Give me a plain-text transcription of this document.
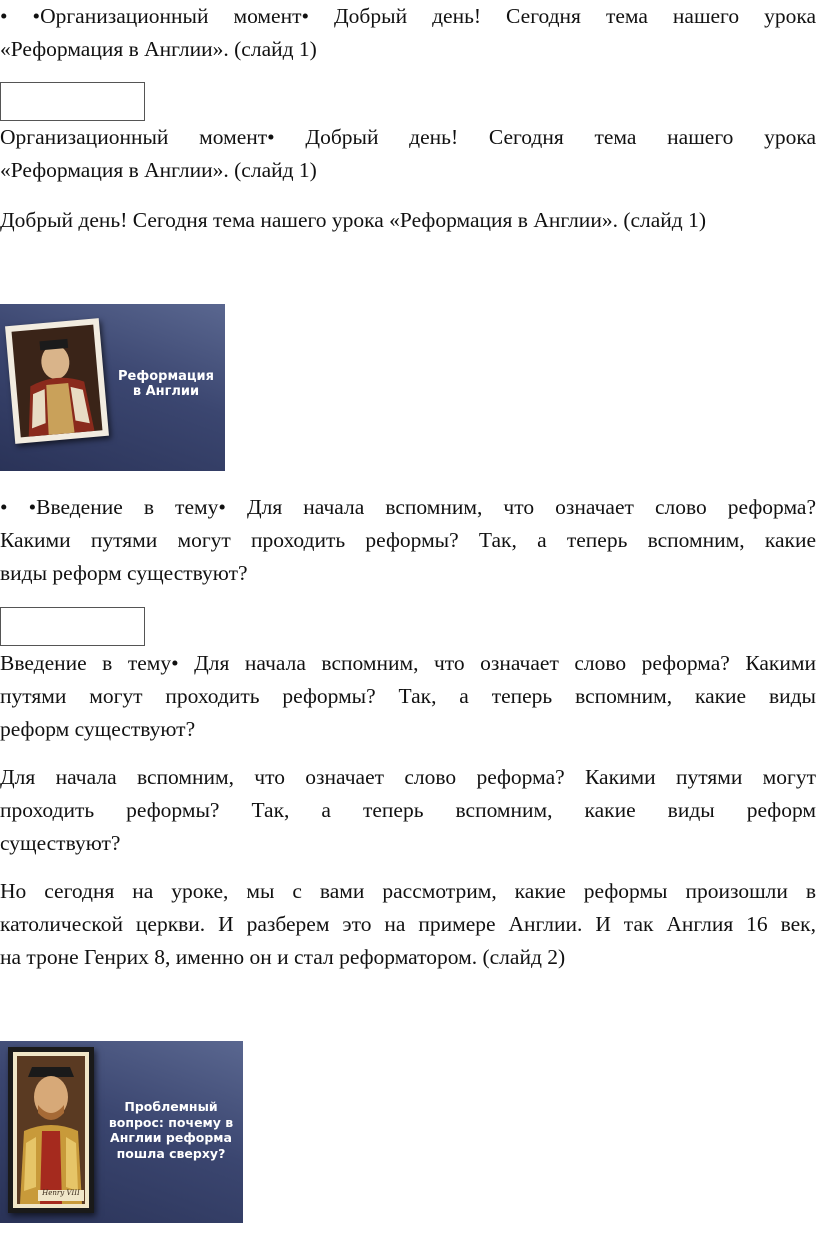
• •Организационный момент• Добрый день! Сегодня тема нашего урока
«Реформация в Англии». (слайд 1)

Организационный момент• Добрый день! Сегодня тема нашего урока
«Реформация в Англии». (слайд 1)

Добрый день! Сегодня тема нашего урока «Реформация в Англии». (слайд 1)

Реформация
в Англии

• •Введение в тему• Для начала вспомним, что означает слово реформа?
Какими путями могут проходить реформы? Так, а теперь вспомним, какие
виды реформ существуют?

Введение в тему• Для начала вспомним, что означает слово реформа? Какими
путями могут проходить реформы? Так, а теперь вспомним, какие виды
реформ существуют?

Для начала вспомним, что означает слово реформа? Какими путями могут
проходить реформы? Так, а теперь вспомним, какие виды реформ
существуют?

Но сегодня на уроке, мы с вами рассмотрим, какие реформы произошли в
католической церкви. И разберем это на примере Англии. И так Англия 16 век,
на троне Генрих 8, именно он и стал реформатором. (слайд 2)

Henry VIII
Проблемный
вопрос: почему в
Англии реформа
пошла сверху?
